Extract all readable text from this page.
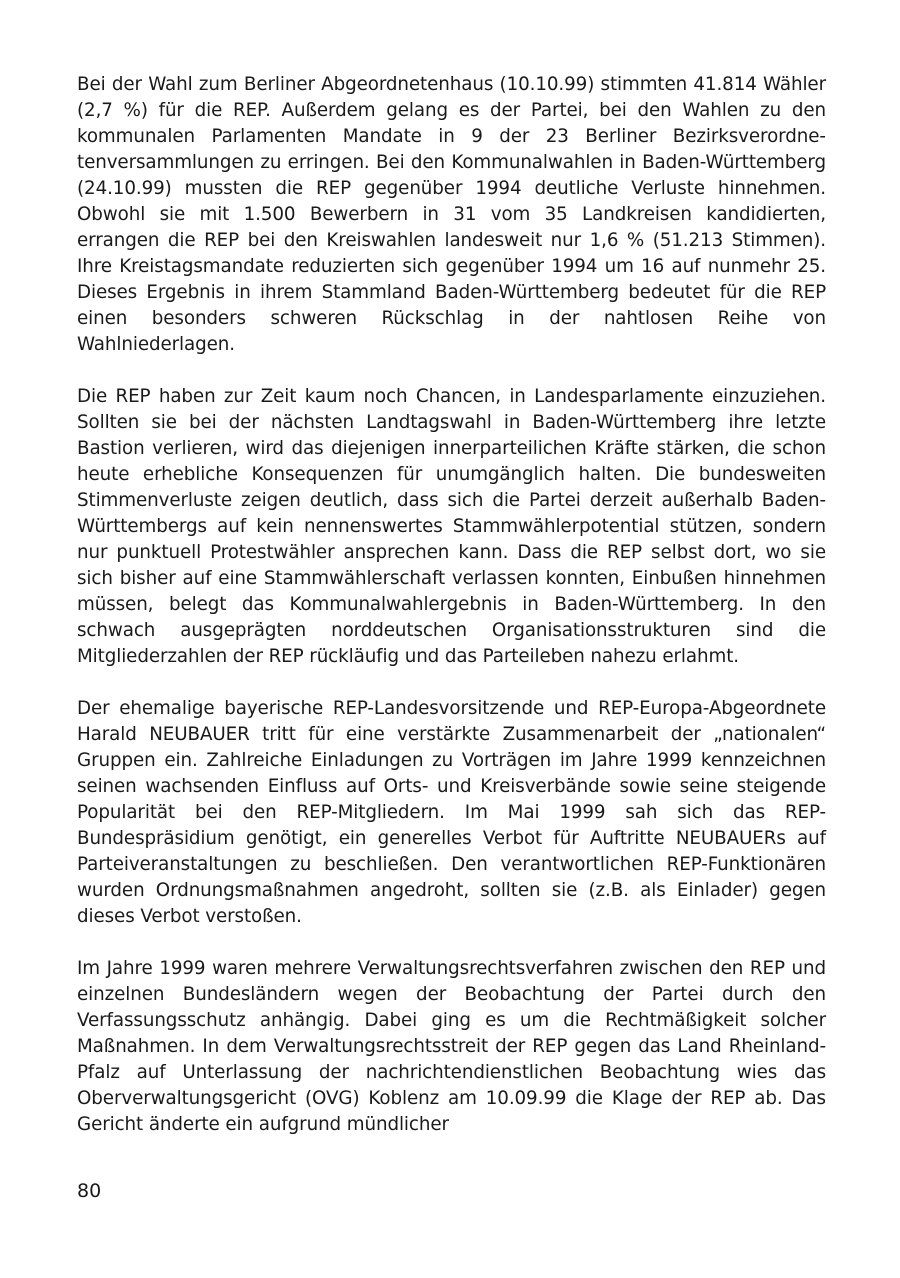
Bei der Wahl zum Berliner Abgeordnetenhaus (10.10.99) stimmten 41.814 Wähler (2,7 %) für die REP. Außerdem gelang es der Partei, bei den Wahlen zu den kommunalen Parlamenten Mandate in 9 der 23 Berliner Bezirksverordnetenversammlungen zu erringen. Bei den Kommunalwahlen in Baden-Württemberg (24.10.99) mussten die REP gegenüber 1994 deutliche Verluste hinnehmen. Obwohl sie mit 1.500 Bewerbern in 31 vom 35 Landkreisen kandidierten, errangen die REP bei den Kreiswahlen landesweit nur 1,6 % (51.213 Stimmen). Ihre Kreistagsmandate reduzierten sich gegenüber 1994 um 16 auf nunmehr 25. Dieses Ergebnis in ihrem Stammland Baden-Württemberg bedeutet für die REP einen besonders schweren Rückschlag in der nahtlosen Reihe von Wahlniederlagen.

Die REP haben zur Zeit kaum noch Chancen, in Landesparlamente einzuziehen. Sollten sie bei der nächsten Landtagswahl in Baden-Württemberg ihre letzte Bastion verlieren, wird das diejenigen innerparteilichen Kräfte stärken, die schon heute erhebliche Konsequenzen für unumgänglich halten. Die bundesweiten Stimmenverluste zeigen deutlich, dass sich die Partei derzeit außerhalb Baden-Württembergs auf kein nennenswertes Stammwählerpotential stützen, sondern nur punktuell Protestwähler ansprechen kann. Dass die REP selbst dort, wo sie sich bisher auf eine Stammwählerschaft verlassen konnten, Einbußen hinnehmen müssen, belegt das Kommunalwahlergebnis in Baden-Württemberg. In den schwach ausgeprägten norddeutschen Organisationsstrukturen sind die Mitgliederzahlen der REP rückläufig und das Parteileben nahezu erlahmt.

Der ehemalige bayerische REP-Landesvorsitzende und REP-Europa-Abgeordnete Harald NEUBAUER tritt für eine verstärkte Zusammenarbeit der „nationalen“ Gruppen ein. Zahlreiche Einladungen zu Vorträgen im Jahre 1999 kennzeichnen seinen wachsenden Einfluss auf Orts- und Kreisverbände sowie seine steigende Popularität bei den REP-Mitgliedern. Im Mai 1999 sah sich das REP-Bundespräsidium genötigt, ein generelles Verbot für Auftritte NEUBAUERs auf Parteiveranstaltungen zu beschließen. Den verantwortlichen REP-Funktionären wurden Ordnungsmaßnahmen angedroht, sollten sie (z.B. als Einlader) gegen dieses Verbot verstoßen.

Im Jahre 1999 waren mehrere Verwaltungsrechtsverfahren zwischen den REP und einzelnen Bundesländern wegen der Beobachtung der Partei durch den Verfassungsschutz anhängig. Dabei ging es um die Rechtmäßigkeit solcher Maßnahmen. In dem Verwaltungsrechtsstreit der REP gegen das Land Rheinland-Pfalz auf Unterlassung der nachrichtendienstlichen Beobachtung wies das Oberverwaltungsgericht (OVG) Koblenz am 10.09.99 die Klage der REP ab. Das Gericht änderte ein aufgrund mündlicher

80
